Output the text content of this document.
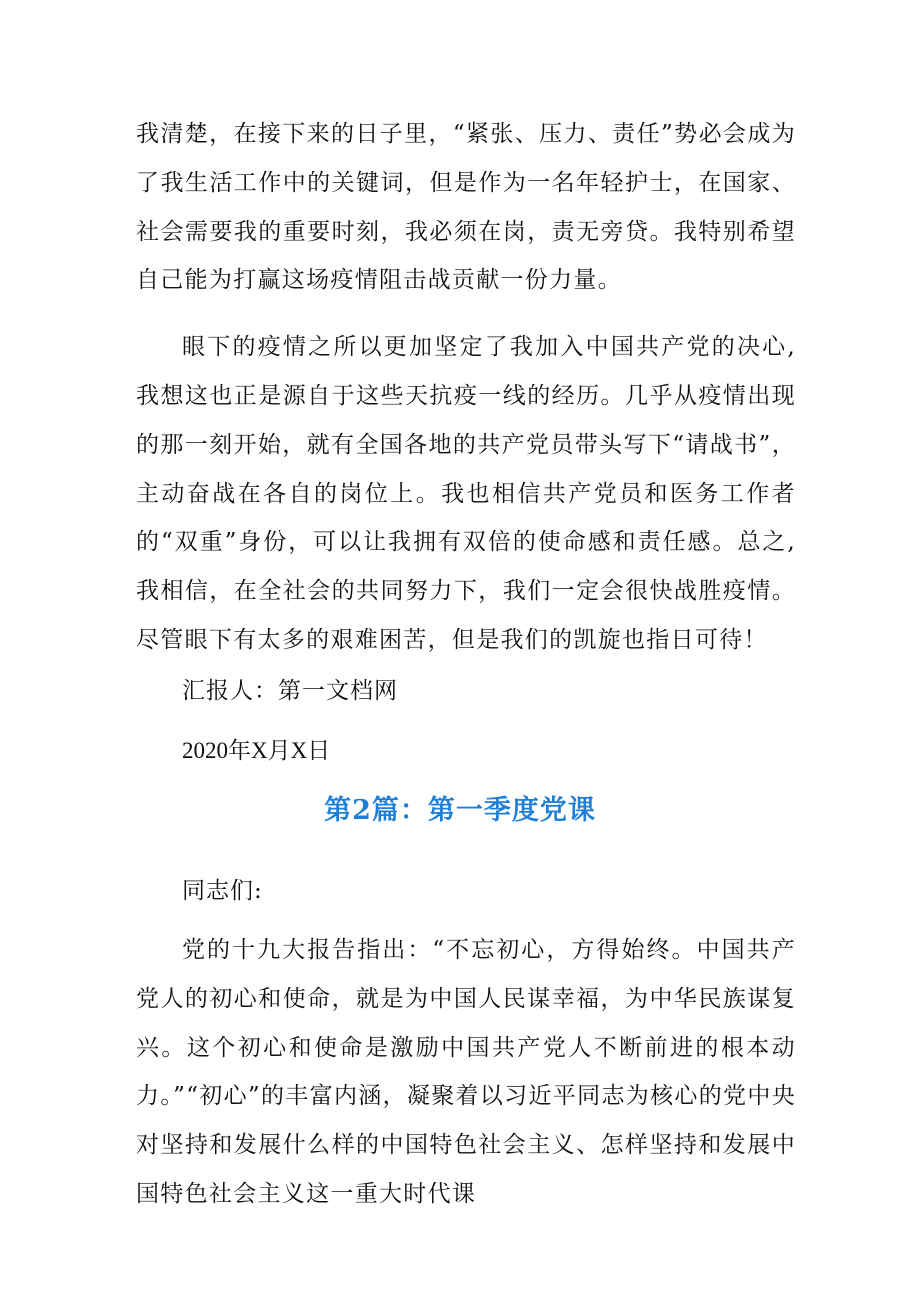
我清楚，在接下来的日子里，“紧张、压力、责任”势必会成为了我生活工作中的关键词，但是作为一名年轻护士，在国家、社会需要我的重要时刻，我必须在岗，责无旁贷。我特别希望自己能为打赢这场疫情阻击战贡献一份力量。

眼下的疫情之所以更加坚定了我加入中国共产党的决心,我想这也正是源自于这些天抗疫一线的经历。几乎从疫情出现的那一刻开始，就有全国各地的共产党员带头写下“请战书”，主动奋战在各自的岗位上。我也相信共产党员和医务工作者的“双重”身份，可以让我拥有双倍的使命感和责任感。总之,我相信，在全社会的共同努力下，我们一定会很快战胜疫情。尽管眼下有太多的艰难困苦，但是我们的凯旋也指日可待！

汇报人：第一文档网
2020年X月X日
第2篇：第一季度党课
同志们:

党的十九大报告指出：“不忘初心，方得始终。中国共产党人的初心和使命，就是为中国人民谋幸福，为中华民族谋复兴。这个初心和使命是激励中国共产党人不断前进的根本动力。”“初心”的丰富内涵，凝聚着以习近平同志为核心的党中央对坚持和发展什么样的中国特色社会主义、怎样坚持和发展中国特色社会主义这一重大时代课
